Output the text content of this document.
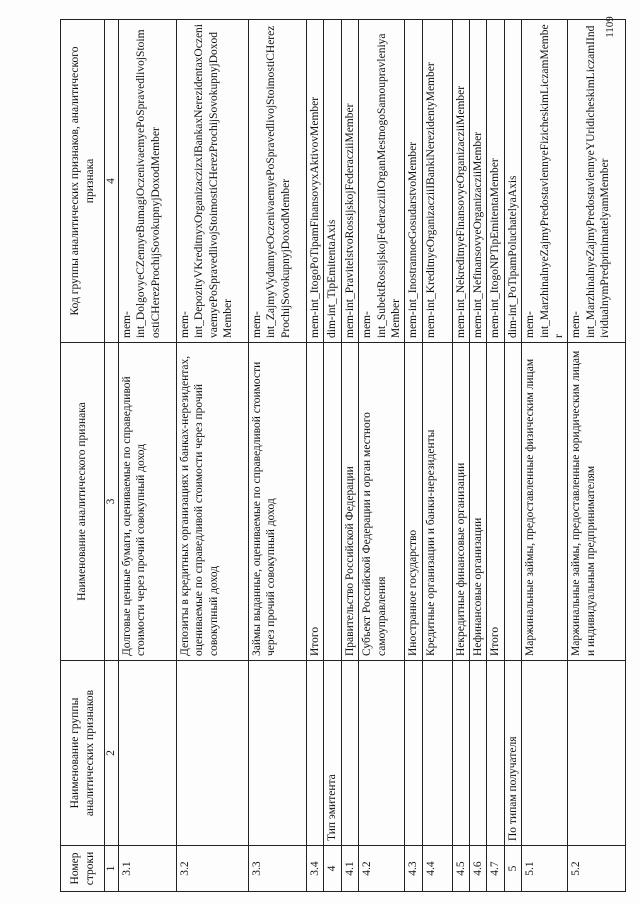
1109
Номер строки	Наименование группы аналитических признаков	Наименование аналитического признака	Код группы аналитических признаков, аналитического признака
1	2	3	4
3.1		Долговые ценные бумаги, оцениваемые по справедливой стоимости через прочий совокупный доход	mem-int_DolgovyeCZennyeBumagiOczenivaemyePoSpravedlivojStoimostiCHerezProchijSovokupnyjDoxodMember
3.2		Депозиты в кредитных организациях и банках-нерезидентах, оцениваемые по справедливой стоимости через прочий совокупный доход	mem-int_DepozityVKreditnyxOrganizaczizxIBankaxNerezidentaxOczenivaemyePoSpravedlivojStoimostiCHerezProchijSovokupnyjDoxodMember
3.3		Займы выданные, оцениваемые по справедливой стоимости через прочий совокупный доход	mem-int_ZajmyVydannyeOczenivaemyePoSpravedlivojStoimostiCHerezProchijSovokupnyjDoxodMember
3.4		Итого	mem-int_ItogoPoTipamFinansovyxAktivovMember
4	Тип эмитента		dim-int_TipEmitentaAxis
4.1		Правительство Российской Федерации	mem-int_PravitelstvoRossijskojFederacziiMember
4.2		Субъект Российской Федерации и орган местного самоуправления	mem-int_SubektRossijskojFederacziiIOrganMestnogoSamoupravleniyaMember
4.3		Иностранное государство	mem-int_InostrannoeGosudarstvoMember
4.4		Кредитные организации и банки-нерезиденты	mem-int_KreditnyeOrganizacziiIBankiNerezidentyMember
4.5		Некредитные финансовые организации	mem-int_NekreditnyeFinansovyeOrganizacziiMember
4.6		Нефинансовые организации	mem-int_NefinansovyeOrganizacziiMember
4.7		Итого	mem-int_ItogoNPTipEmitentaMember
5	По типам получателя		dim-int_PoTipamPoluchatelyaAxis
5.1		Маржинальные займы, предоставленные физическим лицам	mem-int_MarzhinalnyeZajmyPredostavlennyeFizicheskimLiczamMember
5.2		Маржинальные займы, предоставленные юридическим лицам и индивидуальным предпринимателям	mem-int_MarzhinalnyeZajmyPredostavlennyeYUridicheskimLiczamIIndividualnymPredprinimatelyamMember
